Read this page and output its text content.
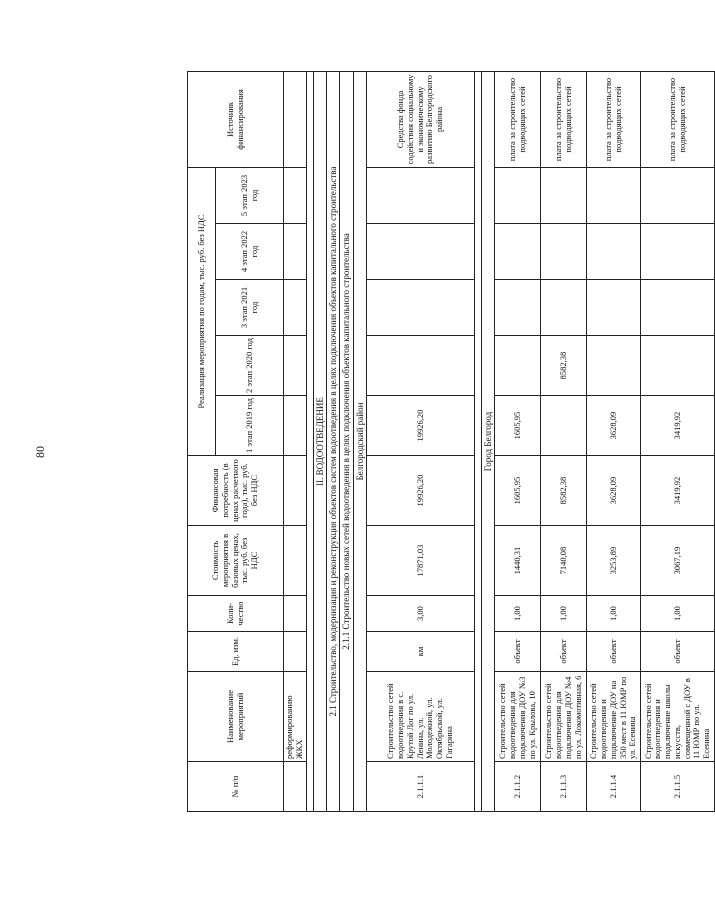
80
№ п/п	Наименование мероприятий	Ед. изм.	Коли-чество	Стоимость мероприятия в базовых ценах, тыс. руб. без НДС	Финансовая потребность (в ценах расчетного года), тыс. руб. без НДС	Реализация мероприятия по годам, тыс. руб. без НДС					Источник финансирования
						1 этап 2019 год	2 этап 2020 год	3 этап 2021 год	4 этап 2022 год	5 этап 2023 год	
	реформированию ЖКХ										

II. ВОДООТВЕДЕНИЕ											
2.1 Строительство, модернизация и реконструкция объектов систем водоотведения в целях подключения объектов капитального строительства											
2.1.1 Строительство новых сетей водоотведения в целях подключения объектов капитального строительства											
Белгородский район											
2.1.1.1	Строительство сетей водоотведения в с. Крутой Лог по ул. Ленина, ул. Молодежной, ул. Октябрьской, ул. Гагарина	км	3,00	17871,03	19926,20	19926,20					Средства фонда содействия социальному и экономическому развитию Белгородского района

Город Белгород											
2.1.1.2	Строительство сетей водоотведения для подключения ДОУ №3 по ул. Крылова, 10	объект	1,00	1440,31	1605,95	1605,95					плата за строительство подводящих сетей
2.1.1.3	Строительство сетей водоотведения для подключения ДОУ №4 по ул. Локомотивная, 6	объект	1,00	7140,08	8582,38		8582,38				плата за строительство подводящих сетей
2.1.1.4	Строительство сетей водоотведения и подключение ДОУ на 350 мест в 11 ЮМР по ул. Есенина	объект	1,00	3253,89	3628,09	3628,09					плата за строительство подводящих сетей
2.1.1.5	Строительство сетей водоотведения и подключение школы искусств, совмещенной с ДОУ в 11 ЮМР по ул. Есенина	объект	1,00	3067,19	3419,92	3419,92					плата за строительство подводящих сетей
